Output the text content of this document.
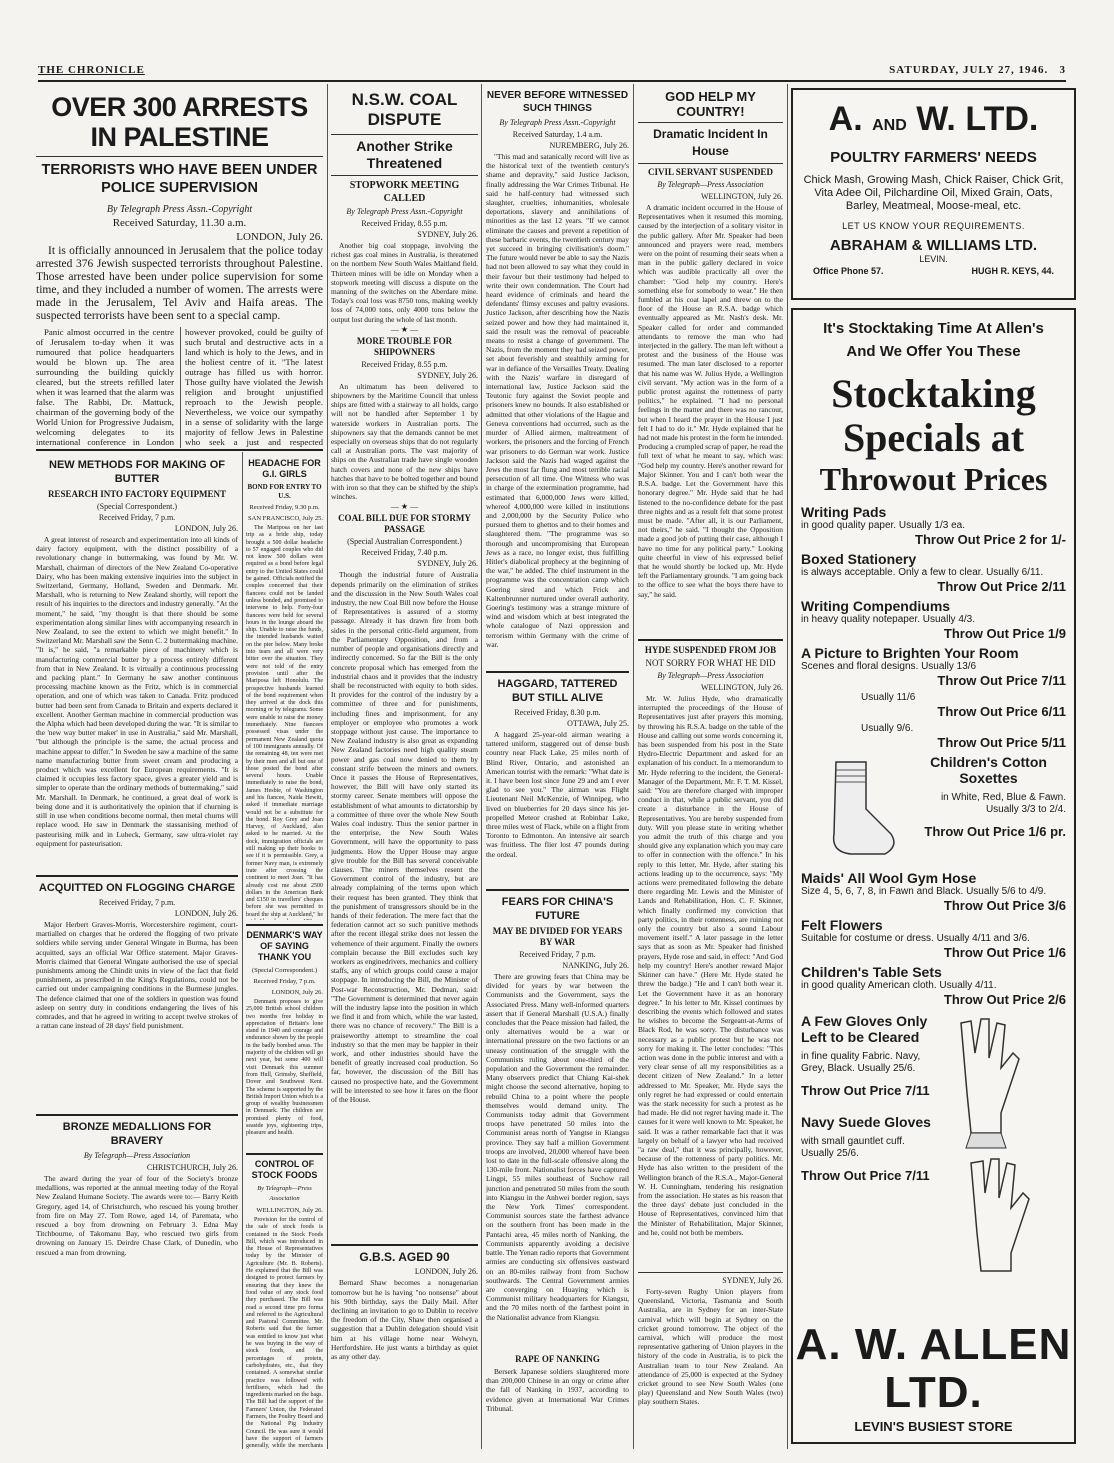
THE CHRONICLE	SATURDAY, JULY 27, 1946. 3
OVER 300 ARRESTS IN PALESTINE
TERRORISTS WHO HAVE BEEN UNDER POLICE SUPERVISION
By Telegraph Press Assn.-Copyright
Received Saturday, 11.30 a.m.
LONDON, July 26.

It is officially announced in Jerusalem that the police today arrested 376 Jewish suspected terrorists throughout Palestine. Those arrested have been under police supervision for some time, and they included a number of women. The arrests were made in the Jerusalem, Tel Aviv and Haifa areas. The suspected terrorists have been sent to a special camp.

Panic almost occurred in the centre of Jerusalem to-day when it was rumoured that police headquarters would be blown up. The area surrounding the building quickly cleared, but the streets refilled later when it was learned that the alarm was false. The Rabbi, Dr. Mattuck, chairman of the governing body of the World Union for Progressive Judaism, welcoming delegates to its international conference in London

however provoked, could be guilty of such brutal and destructive acts in a land which is holy to the Jews, and in the holiest centre of it. "The latest outrage has filled us with horror. Those guilty have violated the Jewish religion and brought unjustified reproach to the Jewish people. Nevertheless, we voice our sympathy in a sense of solidarity with the large majority of fellow Jews in Palestine who seek a just and respected

NEW METHODS FOR MAKING OF BUTTER
RESEARCH INTO FACTORY EQUIPMENT
(Special Correspondent.)
Received Friday, 7 p.m.
LONDON, July 26.

A great interest of research and experimentation into all kinds of dairy factory equipment, with the distinct possibility of a revolutionary change in buttermaking, was found by Mr. W. Marshall, chairman of directors of the New Zealand Co-operative Dairy, who has been making extensive inquiries into the subject in Switzerland, Germany, Holland, Sweden and Denmark. Mr. Marshall, who is returning to New Zealand shortly, will report the result of his inquiries to the directors and industry generally. "At the moment," he said, "my thought is that there should be some experimentation along similar lines with accompanying research in New Zealand, to see the extent to which we might benefit." In Switzerland Mr. Marshall saw the Senn C. 2 buttermaking machine. "It is," he said, "a remarkable piece of machinery which is manufacturing commercial butter by a process entirely different from that in New Zealand. It is virtually a continuous processing and packing plant." In Germany he saw another continuous processing machine known as the Fritz, which is in commercial operation, and one of which was taken to Canada. Fritz produced butter had been sent from Canada to Britain and experts declared it excellent. Another German machine in commercial production was the Alpha which had been developed during the war. "It is similar to the 'new way butter maker' in use in Australia," said Mr. Marshall, "but although the principle is the same, the actual process and machine appear to differ." In Sweden he saw a machine of the same name manufacturing butter from sweet cream and producing a product which was excellent for European requirements. "It is claimed it occupies less factory space, gives a greater yield and is simpler to operate than the ordinary methods of buttermaking," said Mr. Marshall. In Denmark, he continued, a great deal of work is being done and it is authoritatively the opinion that if churning is still in use when conditions become normal, then metal churns will replace wood. He saw in Denmark the stassanising method of pasteurising milk and in Lubeck, Germany, saw ultra-violet ray equipment for pasteurisation.

ACQUITTED ON FLOGGING CHARGE
Received Friday, 7 p.m.
LONDON, July 26.

Major Herbert Graves-Morris, Worcestershire regiment, court-martialled on charges that he ordered the flogging of two private soldiers while serving under General Wingate in Burma, has been acquitted, says an official War Office statement. Major Graves-Morris claimed that General Wingate authorised the use of special punishments among the Chindit units in view of the fact that field punishment, as prescribed in the King's Regulations, could not be carried out under campaigning conditions in the Burmese jungles. The defence claimed that one of the soldiers in question was found asleep on sentry duty in conditions endangering the lives of his comrades, and that he agreed in writing to accept twelve strokes of a rattan cane instead of 28 days' field punishment.

BRONZE MEDALLIONS FOR BRAVERY
By Telegraph—Press Association
CHRISTCHURCH, July 26.

The award during the year of four of the Society's bronze medallions, was reported at the annual meeting today of the Royal New Zealand Humane Society. The awards were to:— Barry Keith Gregory, aged 14, of Christchurch, who rescued his young brother from fire on May 27. Tom Rowe, aged 14, of Paremata, who rescued a boy from drowning on February 3. Edna May Titchbourne, of Takomanu Bay, who rescued two girls from drowning on January 15. Deirdre Chase Clark, of Dunedin, who rescued a man from drowning.

HEADACHE FOR G.I. GIRLS
BOND FOR ENTRY TO U.S.
Received Friday, 9.30 p.m.
SAN FRANCISCO, July 25.

The Mariposa on her last trip as a bride ship, today brought a 500 dollar headache to 57 engaged couples who did not know 500 dollars were required as a bond before legal entry to the United States could be gained. Officials notified the couples concerned that their fiancees could not be landed unless bonded, and promised to intervene to help. Forty-four fiancees were held for several hours in the lounge aboard the ship. Unable to raise the funds, the intended husbands waited on the pier below. Many broke into tears and all were very bitter over the situation. They were not told of the entry provision until after the Mariposa left Honolulu. The prospective husbands learned of the bond requirement when they arrived at the dock this morning or by telegrams. Some were unable to raise the money immediately. Nine fiancees possessed visas under the permanent New Zealand quota of 100 immigrants annually. Of the remaining 48, ten were met by their men and all but one of those posted the bond after several hours. Unable immediately to raise the bond, James Hesbie, of Washington and his fiancee, Naida Hewitt, asked if immediate marriage would not be a substitute for the bond. Roy Grey and Joan Harvey, of Auckland, also asked to be married. At the dock, immigration officials are still making up their books to see if it is permissible. Grey, a former Navy man, is extremely irate after crossing the continent to meet Joan. "It has already cost me about 2500 dollars in the American Bank and £150 in travellers' cheques before she was permitted to board the ship at Auckland," he

DENMARK'S WAY OF SAYING THANK YOU
(Special Correspondent.)
Received Friday, 7 p.m.
LONDON, July 26.

Denmark proposes to give 25,000 British school children two months free holiday in appreciation of Britain's lone stand in 1940 and courage and endurance shown by the people in the badly bombed areas. The majority of the children will go next year, but some 400 will visit Denmark this summer from Hull, Grimsby, Sheffield, Dover and Southwest Kent. The scheme is supported by the British Import Union which is a group of wealthy businessmen in Denmark. The children are promised plenty of food, seaside joys, sightseeing trips, pleasure and health.

CONTROL OF STOCK FOODS
By Telegraph—Press Association
WELLINGTON, July 26.

Provision for the control of the sale of stock foods is contained in the Stock Foods Bill, which was introduced in the House of Representatives today by the Minister of Agriculture (Mr. B. Roberts). He explained that the Bill was designed to protect farmers by ensuring that they knew the food value of any stock food they purchased. The Bill was read a second time pro forma and referred to the Agricultural and Pastoral Committee. Mr. Roberts said that the farmer was entitled to know just what he was buying in the way of stock foods, and the percentages of protein, carbohydrates, etc., that they contained. A somewhat similar practice was followed with fertilisers, which had the ingredients marked on the bags. The Bill had the support of the Farmers' Union, the Federated Farmers, the Poultry Board and the National Pig Industry Council. He was sure it would have the support of farmers generally, while the merchants

N.S.W. COAL DISPUTE
Another Strike Threatened
STOPWORK MEETING CALLED
By Telegraph Press Assn.-Copyright
Received Friday, 8.55 p.m.
SYDNEY, July 26.

Another big coal stoppage, involving the richest gas coal mines in Australia, is threatened on the northern New South Wales Maitland field. Thirteen mines will be idle on Monday when a stopwork meeting will discuss a dispute on the manning of the switches on the Aberdare mine. Today's coal loss was 8750 tons, making weekly loss of 74,000 tons, only 4000 tons below the output lost during the whole of last month.

— ★ —
MORE TROUBLE FOR SHIPOWNERS
Received Friday, 8.55 p.m.
SYDNEY, July 26.

An ultimatum has been delivered to shipowners by the Maritime Council that unless ships are fitted with a stairway to all holds, cargo will not be handled after September 1 by waterside workers in Australian ports. The shipowners say that the demands cannot be met especially on overseas ships that do not regularly call at Australian ports. The vast majority of ships on the Australian trade have single wooden hatch covers and none of the new ships have hatches that have to be bolted together and bound with iron so that they can be shifted by the ship's winches.

— ★ —
COAL BILL DUE FOR STORMY PASSAGE
(Special Australian Correspondent.)
Received Friday, 7.40 p.m.
SYDNEY, July 26.

Though the industrial future of Australia depends primarily on the elimination of strikes and the discussion in the New South Wales coal industry, the new Coal Bill now before the House of Representatives is assured of a stormy passage. Already it has drawn fire from both sides in the personal critic-field argument, from the Parliamentary Opposition, and from a number of people and organisations directly and indirectly concerned. So far the Bill is the only concrete proposal which has emerged from the industrial chaos and it provides that the industry shall be reconstructed with equity to both sides. It provides for the control of the industry by a committee of three and for punishments, including fines and imprisonment, for any employer or employee who promotes a work stoppage without just cause. The importance to New Zealand industry is also great as expanding New Zealand factories need high quality steam power and gas coal now denied to them by constant strife between the miners and owners. Once it passes the House of Representatives, however, the Bill will have only started its stormy career. Senate members will oppose the establishment of what amounts to dictatorship by a committee of three over the whole New South Wales coal industry. Thus the senior partner in the enterprise, the New South Wales Government, will have the opportunity to pass judgments. How the Upper House may argue give trouble for the Bill has several conceivable clauses. The miners themselves resent the Government control of the industry, but are already complaining of the terms upon which their request has been granted. They think that the punishment of transgressors should be in the hands of their federation. The mere fact that the federation cannot act so such punitive methods after the recent illegal strike does not lessen the vehemence of their argument. Finally the owners complain because the Bill excludes such key workers as enginedrivers, mechanics and colliery staffs, any of which groups could cause a major stoppage. In introducing the Bill, the Minister of Post-war Reconstruction, Mr. Dedman, said: "The Government is determined that never again will the industry lapse into the position in which we find it and from which, while the war lasted, there was no chance of recovery." The Bill is a praiseworthy attempt to streamline the coal industry so that the men may be happier in their work, and other industries should have the benefit of greatly increased coal production. So far, however, the discussion of the Bill has caused no prospective hate, and the Government will be interested to see how it fares on the floor of the House.

G.B.S. AGED 90
LONDON, July 26.

Bernard Shaw becomes a nonagenarian tomorrow but he is having "no nonsense" about his 90th birthday, says the Daily Mail. After declining an invitation to go to Dublin to receive the freedom of the City, Shaw then organised a suggestion that a Dublin delegation should visit him at his village home near Welwyn, Hertfordshire. He just wants a birthday as quiet as any other day.

NEVER BEFORE WITNESSED SUCH THINGS
By Telegraph Press Assn.-Copyright
Received Saturday, 1.4 a.m.
NUREMBERG, July 26.

"This mad and satanically record will live as the historical text of the twentieth century's shame and depravity," said Justice Jackson, finally addressing the War Crimes Tribunal. He said he half-century had witnessed such slaughter, cruelties, inhumanities, wholesale deportations, slavery and annihilations of minorities as the last 12 years. "If we cannot eliminate the causes and prevent a repetition of these barbaric events, the twentieth century may yet succeed in bringing civilisation's doom." The future would never be able to say the Nazis had not been allowed to say what they could in their favour but their testimony had helped to write their own condemnation. The Court had heard evidence of criminals and heard the defendants' flimsy excuses and paltry evasions. Justice Jackson, after describing how the Nazis seized power and how they had maintained it, said the result was the removal of peaceable means to resist a change of government. The Nazis, from the moment they had seized power, set about feverishly and stealthily arming for war in defiance of the Versailles Treaty. Dealing with the Nazis' warfare in disregard of international law, Justice Jackson said the Teutonic fury against the Soviet people and prisoners knew no bounds. It also established or admitted that other violations of the Hague and Geneva conventions had occurred, such as the murder of Allied airmen, maltreatment of workers, the prisoners and the forcing of French war prisoners to do German war work. Justice Jackson said the Nazis had waged against the Jews the most far flung and most terrible racial persecution of all time. One Witness who was in charge of the extermination programme, had estimated that 6,000,000 Jews were killed, whereof 4,000,000 were killed in institutions and 2,000,000 by the Security Police who pursued them to ghettos and to their homes and slaughtered them. "The programme was so thorough and uncompromising that European Jews as a race, no longer exist, thus fulfilling Hitler's diabolical prophecy at the beginning of the war," he added. The chief instrument in the programme was the concentration camp which Goering sired and which Frick and Kaltenbrunner nurtured under overall authority. Goering's testimony was a strange mixture of wind and wisdom which at best integrated the whole catalogue of Nazi oppression and terrorism within Germany with the crime of war.

HAGGARD, TATTERED BUT STILL ALIVE
Received Friday, 8.30 p.m.
OTTAWA, July 25.

A haggard 25-year-old airman wearing a tattered uniform, staggered out of dense bush country near Flack Lake, 25 miles north of Blind River, Ontario, and astonished an American tourist with the remark: "What date is it. I have been lost since June 29 and am I ever glad to see you." The airman was Flight Lieutenant Neil McKenzie, of Winnipeg, who lived on blueberries for 20 days since his jet-propelled Meteor crashed at Robinbar Lake, three miles west of Flack, while on a flight from Toronto to Edmonton. An intensive air search was fruitless. The flier lost 47 pounds during the ordeal.

FEARS FOR CHINA'S FUTURE
MAY BE DIVIDED FOR YEARS BY WAR
Received Friday, 7 p.m.
NANKING, July 26.

There are growing fears that China may be divided for years by war between the Communists and the Government, says the Associated Press. Many well-informed quarters assert that if General Marshall (U.S.A.) finally concludes that the Peace mission had failed, the only alternatives would be a war or international pressure on the two factions or an uneasy continuation of the struggle with the Communists ruling about one-third of the population and the Government the remainder. Many observers predict that Chiang Kai-shek might choose the second alternative, hoping to rebuild China to a point where the people themselves would demand unity. The Communists today admit that Government troops have penetrated 50 miles into the Communist areas north of Yangtse in Kiangsu province. They say half a million Government troops are involved, 20,000 whereof have been lost to date in the full-scale offensive along the 130-mile front. Nationalist forces have captured Lingpi, 55 miles southeast of Suchow rail junction and penetrated 50 miles from the south into Kiangsu in the Anhwei border region, says the New York Times' correspondent. Communist sources state the farthest advance on the southern front has been made in the Pantachi area, 45 miles north of Nanking, the Communists apparently avoiding a decisive battle. The Yenan radio reports that Government armies are conducting six offensives eastward on an 80-miles railway front from Suchow southwards. The Central Government armies are converging on Huaying which is Communist military headquarters for Kiangsu, and the 70 miles north of the farthest point in the Nationalist advance from Kiangsu.

RAPE OF NANKING

Berserk Japanese soldiers slaughtered more than 200,000 Chinese in an orgy or crime after the fall of Nanking in 1937, according to evidence given at International War Crimes Tribunal.

GOD HELP MY COUNTRY!
Dramatic Incident In House
CIVIL SERVANT SUSPENDED
By Telegraph—Press Association
WELLINGTON, July 26.

A dramatic incident occurred in the House of Representatives when it resumed this morning, caused by the interjection of a solitary visitor in the public gallery. After Mr. Speaker had been announced and prayers were read, members were on the point of resuming their seats when a man in the public gallery declared in voice which was audible practically all over the chamber: "God help my country. Here's something else for somebody to wear." He then fumbled at his coat lapel and threw on to the floor of the House an R.S.A. badge which eventually appeared as Mr. Nash's desk. Mr. Speaker called for order and commanded attendants to remove the man who had interjected in the gallery. The man left without a protest and the business of the House was resumed. The man later disclosed to a reporter that his name was W. Julius Hyde, a Wellington civil servant. "My action was in the form of a public protest against the rottenness of party politics," he explained. "I had no personal feelings in the matter and there was no rancour, but when I heard the prayer in the House I just felt I had to do it." Mr. Hyde explained that he had not made his protest in the form he intended. Producing a crumpled scrap of paper, he read the full text of what he meant to say, which was: "God help my country. Here's another reward for Major Skinner. You and I can't both wear the R.S.A. badge. Let the Government have this honorary degree." Mr. Hyde said that he had listened to the no-confidence debate for the past three nights and as a result felt that some protest must be made. "After all, it is our Parliament, not theirs," he said. "I thought the Opposition made a good job of putting their case, although I have no time for any political party." Looking quite cheerful in view of his expressed belief that he would shortly be locked up, Mr. Hyde left the Parliamentary grounds. "I am going back to the office to see what the boys there have to say," he said.

HYDE SUSPENDED FROM JOB
NOT SORRY FOR WHAT HE DID
By Telegraph—Press Association
WELLINGTON, July 26.

Mr. W. Julius Hyde, who dramatically interrupted the proceedings of the House of Representatives just after prayers this morning, by throwing his R.S.A. badge on the table of the House and calling out some words concerning it, has been suspended from his post in the State Hydro-Electric Department and asked for an explanation of his conduct. In a memorandum to Mr. Hyde referring to the incident, the General-Manager of the Department, Mr. F. T. M. Kissel, said: "You are therefore charged with improper conduct in that, while a public servant, you did create a disturbance in the House of Representatives. You are hereby suspended from duty. Will you please state in writing whether you admit the truth of this charge and you should give any explanation which you may care to offer in connection with the offence." In his reply to this letter, Mr. Hyde, after stating his actions leading up to the occurrence, says: "My actions were premeditated following the debate there regarding Mr. Lewis and the Minister of Lands and Rehabilitation, Hon. C. F. Skinner, which finally confirmed my conviction that party politics, in their rottenness, are ruining not only the country but also a sound Labour movement itself." A later passage in the letter says that as soon as Mr. Speaker had finished prayers, Hyde rose and said, in effect: "And God help my country! Here's another reward Major Skinner can have." (Here Mr. Hyde stated he threw the badge.) "He and I can't both wear it. Let the Government have it as an honorary degree." In his letter to Mr. Kissel continues by describing the events which followed and states he wishes to become the Sergeant-at-Arms of Black Rod, he was sorry. The disturbance was necessary as a public protest but he was not sorry for making it. The letter concludes: "This action was done in the public interest and with a very clear sense of all my responsibilities as a decent citizen of New Zealand." In a letter addressed to Mr. Speaker, Mr. Hyde says the only regret he had expressed or could entertain was the stark necessity for such a protest as he had made. He did not regret having made it. The causes for it were well known to Mr. Speaker, he said. It was a rather remarkable fact that it was largely on behalf of a lawyer who had received "a raw deal," that it was principally, however, because of the rottenness of party politics. Mr. Hyde has also written to the president of the Wellington branch of the R.S.A., Major-General W. H. Cunningham, tendering his resignation from the association. He states as his reason that the three days' debate just concluded in the House of Representatives, convinced him that the Minister of Rehabilitation, Major Skinner, and he, could not both be members.

SYDNEY, July 26.

Forty-seven Rugby Union players from Queensland, Victoria, Tasmania and South Australia, are in Sydney for an inter-State carnival which will begin at Sydney on the cricket ground tomorrow. The object of the carnival, which will produce the most representative gathering of Union players in the history of the code in Australia, is to pick the Australian team to tour New Zealand. An attendance of 25,000 is expected at the Sydney cricket ground to see New South Wales (one play) Queensland and New South Wales (two) play southern States.

A. AND W. LTD.
POULTRY FARMERS' NEEDS
Chick Mash, Growing Mash, Chick Raiser, Chick Grit, Vita Adee Oil, Pilchardine Oil, Mixed Grain, Oats, Barley, Meatmeal, Moose-meal, etc.
LET US KNOW YOUR REQUIREMENTS.
ABRAHAM & WILLIAMS LTD.
LEVIN.
Office Phone 57.	HUGH R. KEYS, 44.
It's Stocktaking Time At Allen's
And We Offer You These
Stocktaking
Specials at
Throwout Prices
Writing Pads
in good quality paper. Usually 1/3 ea.
Throw Out Price 2 for 1/-
Boxed Stationery
is always acceptable. Only a few to clear. Usually 6/11.
Throw Out Price 2/11
Writing Compendiums
in heavy quality notepaper. Usually 4/3.
Throw Out Price 1/9
A Picture to Brighten Your Room
Scenes and floral designs. Usually 13/6
Throw Out Price 7/11
Usually 11/6
Throw Out Price 6/11
Usually 9/6.
Throw Out Price 5/11
Children's Cotton Soxettes
in White, Red, Blue & Fawn. Usually 3/3 to 2/4.
Throw Out Price 1/6 pr.
Maids' All Wool Gym Hose
Size 4, 5, 6, 7, 8, in Fawn and Black. Usually 5/6 to 4/9.
Throw Out Price 3/6
Felt Flowers
Suitable for costume or dress. Usually 4/11 and 3/6.
Throw Out Price 1/6
Children's Table Sets
in good quality American cloth. Usually 4/11.
Throw Out Price 2/6
A Few Gloves Only Left to be Cleared
in fine quality Fabric. Navy, Grey, Black. Usually 25/6.
Throw Out Price 7/11
Navy Suede Gloves
with small gauntlet cuff. Usually 25/6.
Throw Out Price 7/11
A. W. ALLEN LTD.
LEVIN'S BUSIEST STORE
